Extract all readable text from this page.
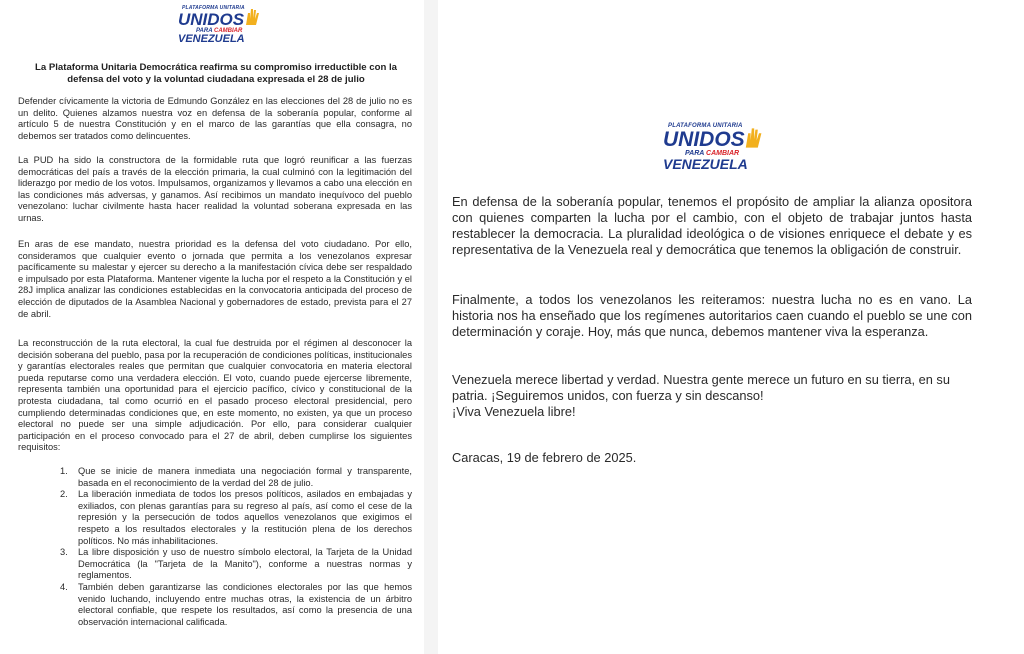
PLATAFORMA UNITARIA
UNIDOS
PARA CAMBIAR
VENEZUELA
La Plataforma Unitaria Democrática reafirma su compromiso irreductible con la defensa del voto y la voluntad ciudadana expresada el 28 de julio

Defender cívicamente la victoria de Edmundo González en las elecciones del 28 de julio no es un delito. Quienes alzamos nuestra voz en defensa de la soberanía popular, conforme al artículo 5 de nuestra Constitución y en el marco de las garantías que ella consagra, no debemos ser tratados como delincuentes.

La PUD ha sido la constructora de la formidable ruta que logró reunificar a las fuerzas democráticas del país a través de la elección primaria, la cual culminó con la legitimación del liderazgo por medio de los votos. Impulsamos, organizamos y llevamos a cabo una elección en las condiciones más adversas, y ganamos. Así recibimos un mandato inequívoco del pueblo venezolano: luchar civilmente hasta hacer realidad la voluntad soberana expresada en las urnas.

En aras de ese mandato, nuestra prioridad es la defensa del voto ciudadano. Por ello, consideramos que cualquier evento o jornada que permita a los venezolanos expresar pacíficamente su malestar y ejercer su derecho a la manifestación cívica debe ser respaldado e impulsado por esta Plataforma. Mantener vigente la lucha por el respeto a la Constitución y el 28J implica analizar las condiciones establecidas en la convocatoria anticipada del proceso de elección de diputados de la Asamblea Nacional y gobernadores de estado, prevista para el 27 de abril.

La reconstrucción de la ruta electoral, la cual fue destruida por el régimen al desconocer la decisión soberana del pueblo, pasa por la recuperación de condiciones políticas, institucionales y garantías electorales reales que permitan que cualquier convocatoria en materia electoral pueda reputarse como una verdadera elección. El voto, cuando puede ejercerse libremente, representa también una oportunidad para el ejercicio pacífico, cívico y constitucional de la protesta ciudadana, tal como ocurrió en el pasado proceso electoral presidencial, pero cumpliendo determinadas condiciones que, en este momento, no existen, ya que un proceso electoral no puede ser una simple adjudicación. Por ello, para considerar cualquier participación en el proceso convocado para el 27 de abril, deben cumplirse los siguientes requisitos:

1. Que se inicie de manera inmediata una negociación formal y transparente, basada en el reconocimiento de la verdad del 28 de julio.
2. La liberación inmediata de todos los presos políticos, asilados en embajadas y exiliados, con plenas garantías para su regreso al país, así como el cese de la represión y la persecución de todos aquellos venezolanos que exigimos el respeto a los resultados electorales y la restitución plena de los derechos políticos. No más inhabilitaciones.
3. La libre disposición y uso de nuestro símbolo electoral, la Tarjeta de la Unidad Democrática (la "Tarjeta de la Manito"), conforme a nuestras normas y reglamentos.
4. También deben garantizarse las condiciones electorales por las que hemos venido luchando, incluyendo entre muchas otras, la existencia de un árbitro electoral confiable, que respete los resultados, así como la presencia de una observación internacional calificada.
PLATAFORMA UNITARIA
UNIDOS
PARA CAMBIAR
VENEZUELA

En defensa de la soberanía popular, tenemos el propósito de ampliar la alianza opositora con quienes comparten la lucha por el cambio, con el objeto de trabajar juntos hasta restablecer la democracia. La pluralidad ideológica o de visiones enriquece el debate y es representativa de la Venezuela real y democrática que tenemos la obligación de construir.

Finalmente, a todos los venezolanos les reiteramos: nuestra lucha no es en vano. La historia nos ha enseñado que los regímenes autoritarios caen cuando el pueblo se une con determinación y coraje. Hoy, más que nunca, debemos mantener viva la esperanza.

Venezuela merece libertad y verdad. Nuestra gente merece un futuro en su tierra, en su patria. ¡Seguiremos unidos, con fuerza y sin descanso!

¡Viva Venezuela libre!

Caracas, 19 de febrero de 2025.
